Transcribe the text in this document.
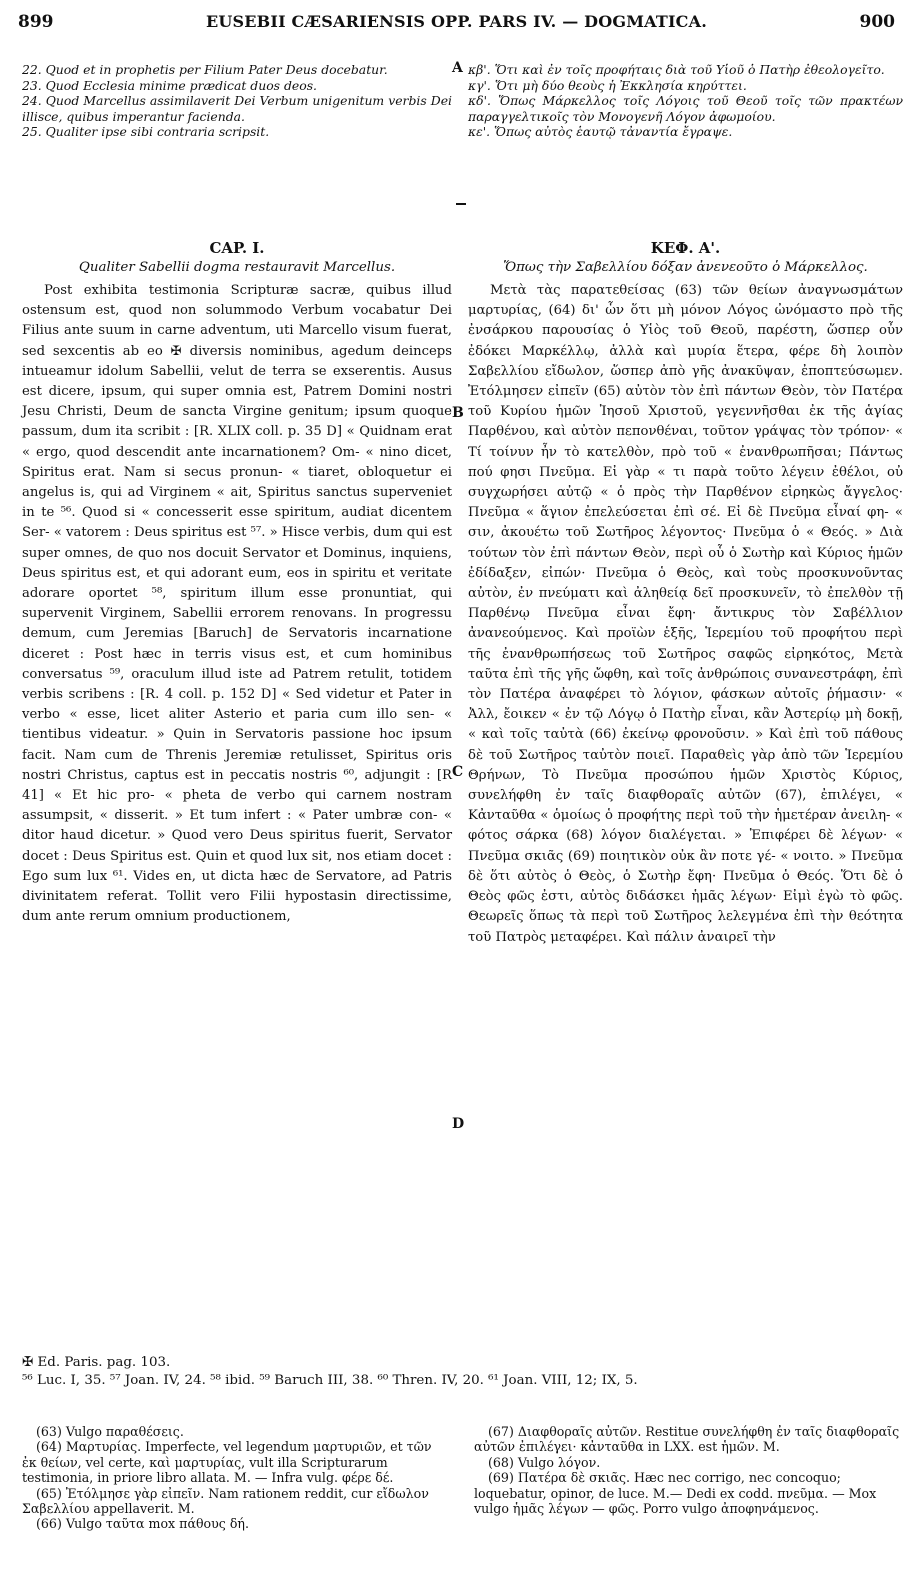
899	EUSEBII CÆSARIENSIS OPP. PARS IV. — DOGMATICA.	900
22. Quod et in prophetis per Filium Pater Deus docebatur.
23. Quod Ecclesia minime prædicat duos deos.
24. Quod Marcellus assimilaverit Dei Verbum unigenitum verbis Dei illisce, quibus imperantur facienda.
25. Qualiter ipse sibi contraria scripsit.
κβ'. Ὅτι καὶ ἐν τοῖς προφήταις διὰ τοῦ Υἱοῦ ὁ Πατὴρ ἐθεολογεῖτο.
κγ'. Ὅτι μὴ δύο θεοὺς ἡ Ἐκκλησία κηρύττει.
κδ'. Ὅπως Μάρκελλος τοῖς Λόγοις τοῦ Θεοῦ τοῖς τῶν πρακτέων παραγγελτικοῖς τὸν Μονογενῆ Λόγον ἀφωμοίου.
κε'. Ὅπως αὐτὸς ἑαυτῷ τἀναντία ἔγραψε.
A
B
C
D
CAP. I.
Qualiter Sabellii dogma restauravit Marcellus.

Post exhibita testimonia Scripturæ sacræ, quibus illud ostensum est, quod non solummodo Verbum vocabatur Dei Filius ante suum in carne adventum, uti Marcello visum fuerat, sed sexcentis ab eo ✠ diversis nominibus, agedum deinceps intueamur idolum Sabellii, velut de terra se exserentis. Ausus est dicere, ipsum, qui super omnia est, Patrem Domini nostri Jesu Christi, Deum de sancta Virgine genitum; ipsum quoque passum, dum ita scribit : [R. XLIX coll. p. 35 D] « Quidnam erat « ergo, quod descendit ante incarnationem? Om- « nino dicet, Spiritus erat. Nam si secus pronun- « tiaret, obloquetur ei angelus is, qui ad Virginem « ait, Spiritus sanctus superveniet in te ⁵⁶. Quod si « concesserit esse spiritum, audiat dicentem Ser- « vatorem : Deus spiritus est ⁵⁷. » Hisce verbis, dum qui est super omnes, de quo nos docuit Servator et Dominus, inquiens, Deus spiritus est, et qui adorant eum, eos in spiritu et veritate adorare oportet ⁵⁸, spiritum illum esse pronuntiat, qui supervenit Virginem, Sabellii errorem renovans. In progressu demum, cum Jeremias [Baruch] de Servatoris incarnatione diceret : Post hæc in terris visus est, et cum hominibus conversatus ⁵⁹, oraculum illud iste ad Patrem retulit, totidem verbis scribens : [R. 4 coll. p. 152 D] « Sed videtur et Pater in verbo « esse, licet aliter Asterio et paria cum illo sen- « tientibus videatur. » Quin in Servatoris passione hoc ipsum facit. Nam cum de Threnis Jeremiæ retulisset, Spiritus oris nostri Christus, captus est in peccatis nostris ⁶⁰, adjungit : [R 41] « Et hic pro- « pheta de verbo qui carnem nostram assumpsit, « disserit. » Et tum infert : « Pater umbræ con- « ditor haud dicetur. » Quod vero Deus spiritus fuerit, Servator docet : Deus Spiritus est. Quin et quod lux sit, nos etiam docet : Ego sum lux ⁶¹. Vides en, ut dicta hæc de Servatore, ad Patris divinitatem referat. Tollit vero Filii hypostasin directissime, dum ante rerum omnium productionem,

ΚΕΦ. Α'.
Ὅπως τὴν Σαβελλίου δόξαν ἀνενεοῦτο ὁ Μάρκελλος.

Μετὰ τὰς παρατεθείσας (63) τῶν θείων ἀναγνωσμάτων μαρτυρίας, (64) δι' ὧν ὅτι μὴ μόνον Λόγος ὠνόμαστο πρὸ τῆς ἐνσάρκου παρουσίας ὁ Υἱὸς τοῦ Θεοῦ, παρέστη, ὥσπερ οὖν ἐδόκει Μαρκέλλῳ, ἀλλὰ καὶ μυρία ἕτερα, φέρε δὴ λοιπὸν Σαβελλίου εἴδωλον, ὥσπερ ἀπὸ γῆς ἀνακῦψαν, ἐποπτεύσωμεν. Ἐτόλμησεν εἰπεῖν (65) αὐτὸν τὸν ἐπὶ πάντων Θεὸν, τὸν Πατέρα τοῦ Κυρίου ἡμῶν Ἰησοῦ Χριστοῦ, γεγεννῆσθαι ἐκ τῆς ἁγίας Παρθένου, καὶ αὐτὸν πεπονθέναι, τοῦτον γράψας τὸν τρόπον· « Τί τοίνυν ἦν τὸ κατελθὸν, πρὸ τοῦ « ἐνανθρωπῆσαι; Πάντως πού φησι Πνεῦμα. Εἰ γὰρ « τι παρὰ τοῦτο λέγειν ἐθέλοι, οὐ συγχωρήσει αὐτῷ « ὁ πρὸς τὴν Παρθένον εἰρηκὼς ἄγγελος· Πνεῦμα « ἅγιον ἐπελεύσεται ἐπὶ σέ. Εἰ δὲ Πνεῦμα εἶναί φη- « σιν, ἀκουέτω τοῦ Σωτῆρος λέγοντος· Πνεῦμα ὁ « Θεός. » Διὰ τούτων τὸν ἐπὶ πάντων Θεὸν, περὶ οὗ ὁ Σωτὴρ καὶ Κύριος ἡμῶν ἐδίδαξεν, εἰπών· Πνεῦμα ὁ Θεὸς, καὶ τοὺς προσκυνοῦντας αὐτὸν, ἐν πνεύματι καὶ ἀληθείᾳ δεῖ προσκυνεῖν, τὸ ἐπελθὸν τῇ Παρθένῳ Πνεῦμα εἶναι ἔφη· ἄντικρυς τὸν Σαβέλλιον ἀνανεούμενος. Καὶ προϊὼν ἑξῆς, Ἱερεμίου τοῦ προφήτου περὶ τῆς ἐνανθρωπήσεως τοῦ Σωτῆρος σαφῶς εἰρηκότος, Μετὰ ταῦτα ἐπὶ τῆς γῆς ὤφθη, καὶ τοῖς ἀνθρώποις συνανεστράφη, ἐπὶ τὸν Πατέρα ἀναφέρει τὸ λόγιον, φάσκων αὐτοῖς ῥήμασιν· « Ἀλλ, ἔοικεν « ἐν τῷ Λόγῳ ὁ Πατὴρ εἶναι, κἂν Ἀστερίῳ μὴ δοκῇ, « καὶ τοῖς ταὐτὰ (66) ἐκείνῳ φρονοῦσιν. » Καὶ ἐπὶ τοῦ πάθους δὲ τοῦ Σωτῆρος ταὐτὸν ποιεῖ. Παραθεὶς γὰρ ἀπὸ τῶν Ἱερεμίου Θρήνων, Τὸ Πνεῦμα προσώπου ἡμῶν Χριστὸς Κύριος, συνελήφθη ἐν ταῖς διαφθοραῖς αὐτῶν (67), ἐπιλέγει, « Κἀνταῦθα « ὁμοίως ὁ προφήτης περὶ τοῦ τὴν ἡμετέραν ἀνειλη- « φότος σάρκα (68) λόγον διαλέγεται. » Ἐπιφέρει δὲ λέγων· « Πνεῦμα σκιᾶς (69) ποιητικὸν οὐκ ἂν ποτε γέ- « νοιτο. » Πνεῦμα δὲ ὅτι αὐτὸς ὁ Θεὸς, ὁ Σωτὴρ ἔφη· Πνεῦμα ὁ Θεός. Ὅτι δὲ ὁ Θεὸς φῶς ἐστι, αὐτὸς διδάσκει ἡμᾶς λέγων· Εἰμὶ ἐγὼ τὸ φῶς. Θεωρεῖς ὅπως τὰ περὶ τοῦ Σωτῆρος λελεγμένα ἐπὶ τὴν θεότητα τοῦ Πατρὸς μεταφέρει. Καὶ πάλιν ἀναιρεῖ τὴν

✠ Ed. Paris. pag. 103.
⁵⁶ Luc. I, 35. ⁵⁷ Joan. IV, 24. ⁵⁸ ibid. ⁵⁹ Baruch III, 38. ⁶⁰ Thren. IV, 20. ⁶¹ Joan. VIII, 12; IX, 5.

(63) Vulgo παραθέσεις.

(64) Μαρτυρίας. Imperfecte, vel legendum μαρτυριῶν, et τῶν ἐκ θείων, vel certe, καὶ μαρτυρίας, vult illa Scripturarum testimonia, in priore libro allata. M. — Infra vulg. φέρε δέ.

(65) Ἐτόλμησε γὰρ εἰπεῖν. Nam rationem reddit, cur εἴδωλον Σαβελλίου appellaverit. M.

(66) Vulgo ταῦτα mox πάθους δή.

(67) Διαφθοραῖς αὐτῶν. Restitue συνελήφθη ἐν ταῖς διαφθοραῖς αὐτῶν ἐπιλέγει· κἀνταῦθα in LXX. est ἡμῶν. M.

(68) Vulgo λόγον.

(69) Πατέρα δὲ σκιᾶς. Hæc nec corrigo, nec concoquo; loquebatur, opinor, de luce. M.— Dedi ex codd. πνεῦμα. — Mox vulgo ἡμᾶς λέγων — φῶς. Porro vulgo ἀποφηνάμενος.
